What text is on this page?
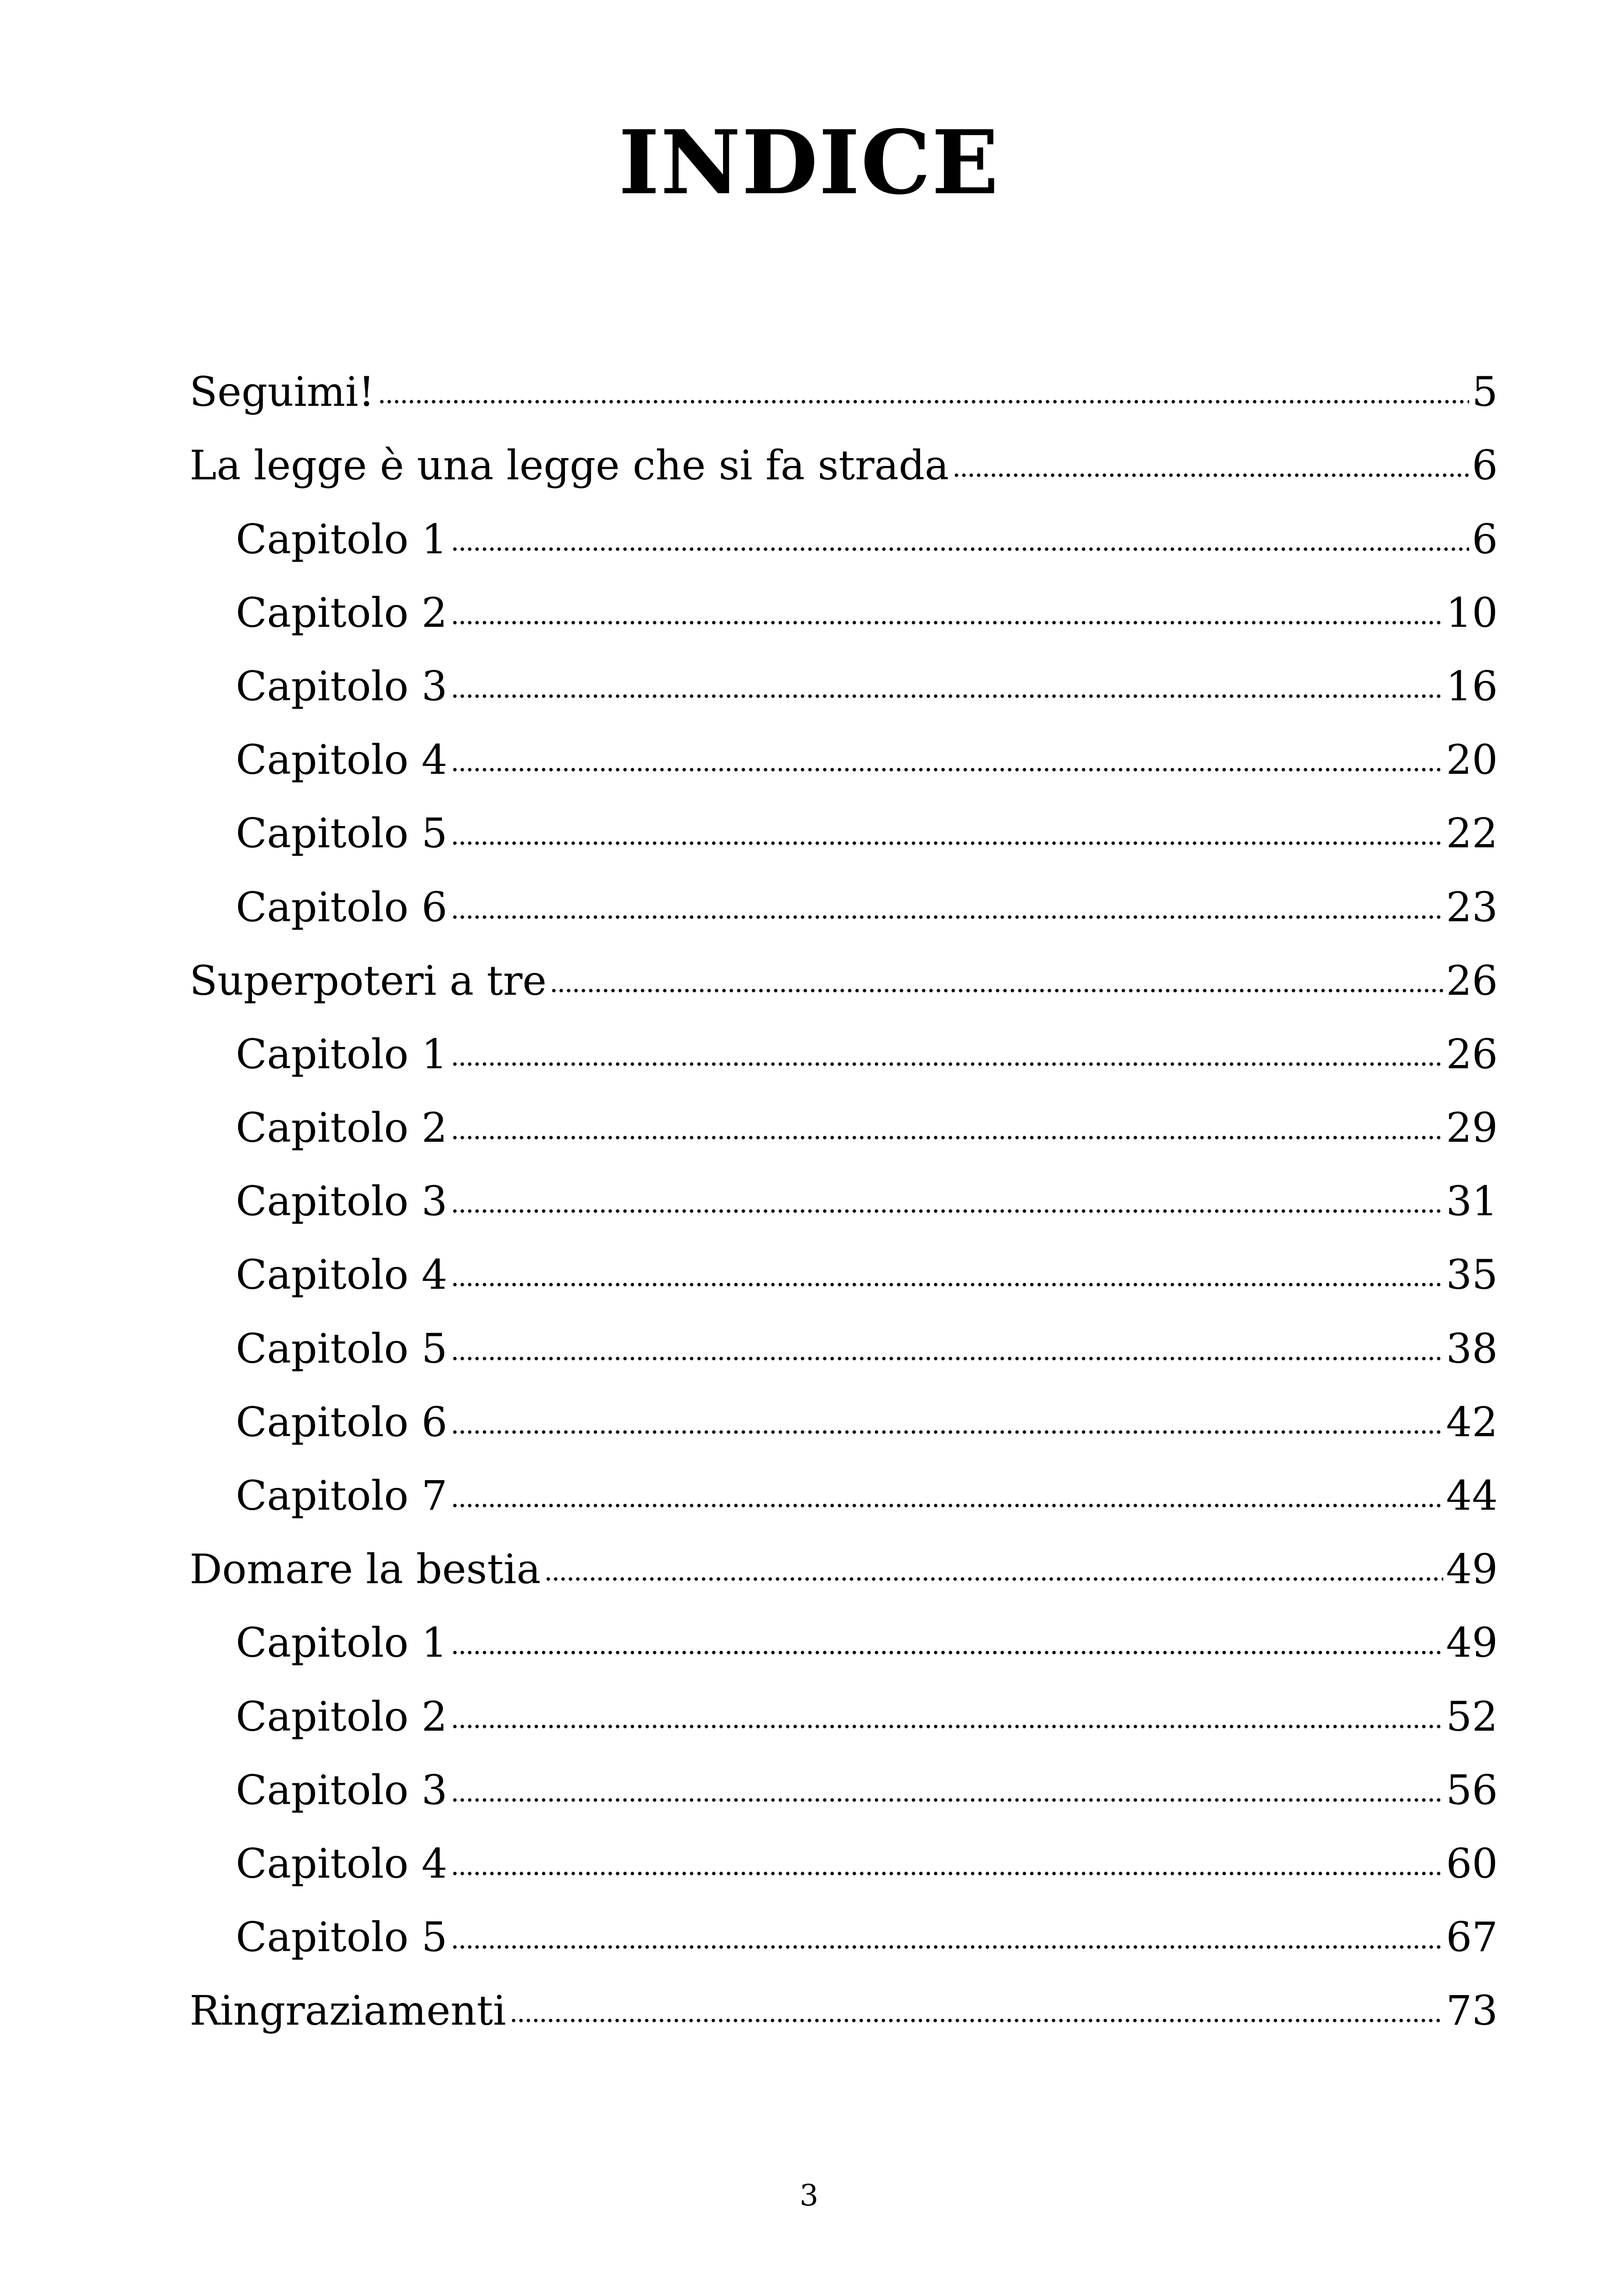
INDICE
Seguimi!	5
La legge è una legge che si fa strada	6
Capitolo 1	6
Capitolo 2	10
Capitolo 3	16
Capitolo 4	20
Capitolo 5	22
Capitolo 6	23
Superpoteri a tre	26
Capitolo 1	26
Capitolo 2	29
Capitolo 3	31
Capitolo 4	35
Capitolo 5	38
Capitolo 6	42
Capitolo 7	44
Domare la bestia	49
Capitolo 1	49
Capitolo 2	52
Capitolo 3	56
Capitolo 4	60
Capitolo 5	67
Ringraziamenti	73
3
